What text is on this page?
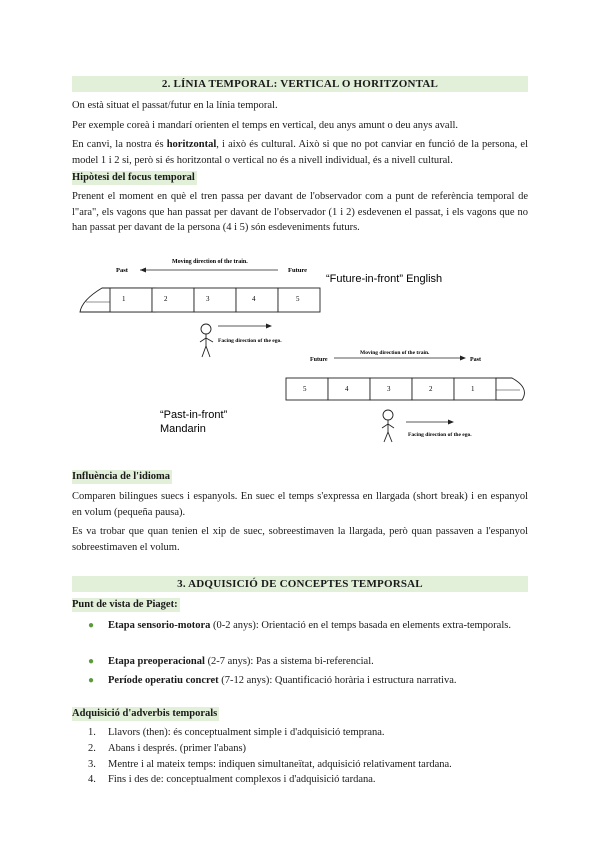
2. LÍNIA TEMPORAL: VERTICAL O HORITZONTAL

On està situat el passat/futur en la línia temporal.

Per exemple coreà i mandarí orienten el temps en vertical, deu anys amunt o deu anys avall.

En canvi, la nostra és horitzontal, i això és cultural. Això si que no pot canviar en funció de la persona, el model 1 i 2 si, però si és horitzontal o vertical no és a nivell individual, és a nivell cultural.

Hipòtesi del focus temporal

Prenent el moment en què el tren passa per davant de l'observador com a punt de referència temporal de l"ara", els vagons que han passat per davant de l'observador (1 i 2) esdevenen el passat, i els vagons que no han passat per davant de la persona (4 i 5) són esdeveniments futurs.

Past
Moving direction of the train.
Future
1	2	3	4	5
“Future-in-front” English
Facing direction of the ego.
Future
Moving direction of the train.
Past
5	4	3	2	1
“Past-in-front”
Mandarin	Facing direction of the ego.
Influència de l'idioma

Comparen bilingues suecs i espanyols. En suec el temps s'expressa en llargada (short break) i en espanyol en volum (pequeña pausa).

Es va trobar que quan tenien el xip de suec, sobreestimaven la llargada, però quan passaven a l'espanyol sobreestimaven el volum.

3. ADQUISICIÓ DE CONCEPTES TEMPORSAL
Punt de vista de Piaget:
● Etapa sensorio-motora (0-2 anys): Orientació en el temps basada en elements extra-temporals.
● Etapa preoperacional (2-7 anys): Pas a sistema bi-referencial.
● Període operatiu concret (7-12 anys): Quantificació horària i estructura narrativa.
Adquisició d'adverbis temporals
1. Llavors (then): és conceptualment simple i d'adquisició temprana.
2. Abans i després. (primer l'abans)
3. Mentre i al mateix temps: indiquen simultaneïtat, adquisició relativament tardana.
4. Fins i des de: conceptualment complexos i d'adquisició tardana.
